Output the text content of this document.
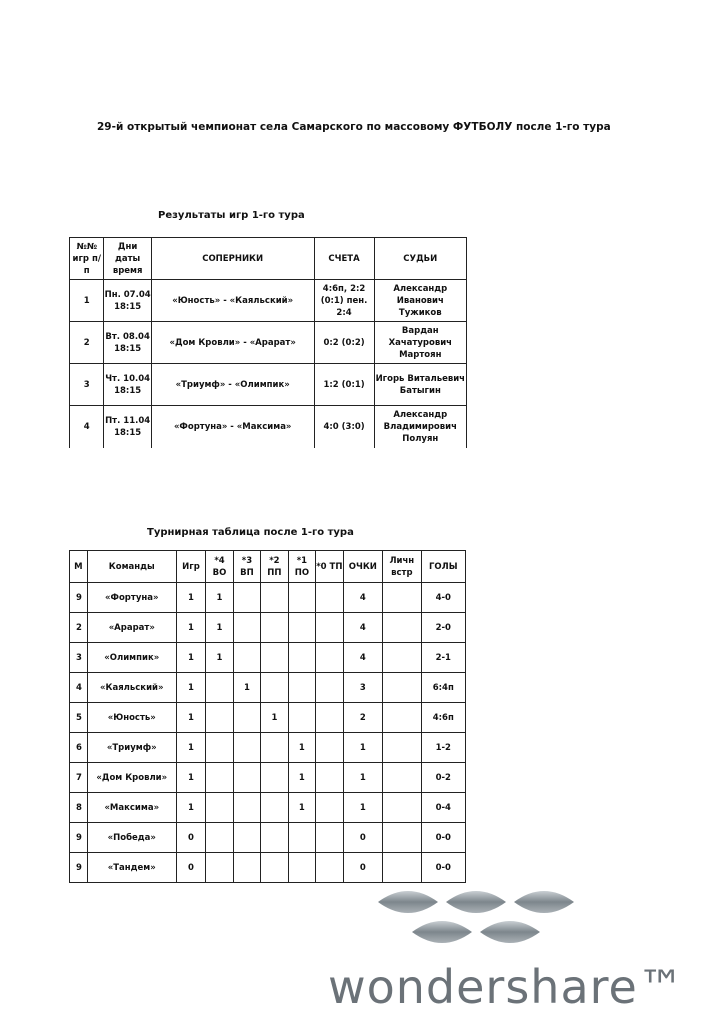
29-й открытый чемпионат села Самарского по массовому ФУТБОЛУ после 1-го тура
Результаты игр 1-го тура
№№ игр п/п	Дни даты время	СОПЕРНИКИ	СЧЕТА	СУДЬИ
1	Пн. 07.04 18:15	«Юность» - «Каяльский»	4:6п, 2:2 (0:1) пен. 2:4	Александр Иванович Тужиков
2	Вт. 08.04 18:15	«Дом Кровли» - «Арарат»	0:2 (0:2)	Вардан Хачатурович Мартоян
3	Чт. 10.04 18:15	«Триумф» - «Олимпик»	1:2 (0:1)	Игорь Витальевич Батыгин
4	Пт. 11.04 18:15	«Фортуна» - «Максима»	4:0 (3:0)	Александр Владимирович Полуян
Турнирная таблица после 1-го тура
М	Команды	Игр	*4 ВО	*3 ВП	*2 ПП	*1 ПО	*0 ТП	ОЧКИ	Личн встр	ГОЛЫ
9	«Фортуна»	1	1					4		4-0
2	«Арарат»	1	1					4		2-0
3	«Олимпик»	1	1					4		2-1
4	«Каяльский»	1		1				3		6:4п
5	«Юность»	1			1			2		4:6п
6	«Триумф»	1				1		1		1-2
7	«Дом Кровли»	1				1		1		0-2
8	«Максима»	1				1		1		0-4
9	«Победа»	0						0		0-0
9	«Тандем»	0						0		0-0
wondershare™
